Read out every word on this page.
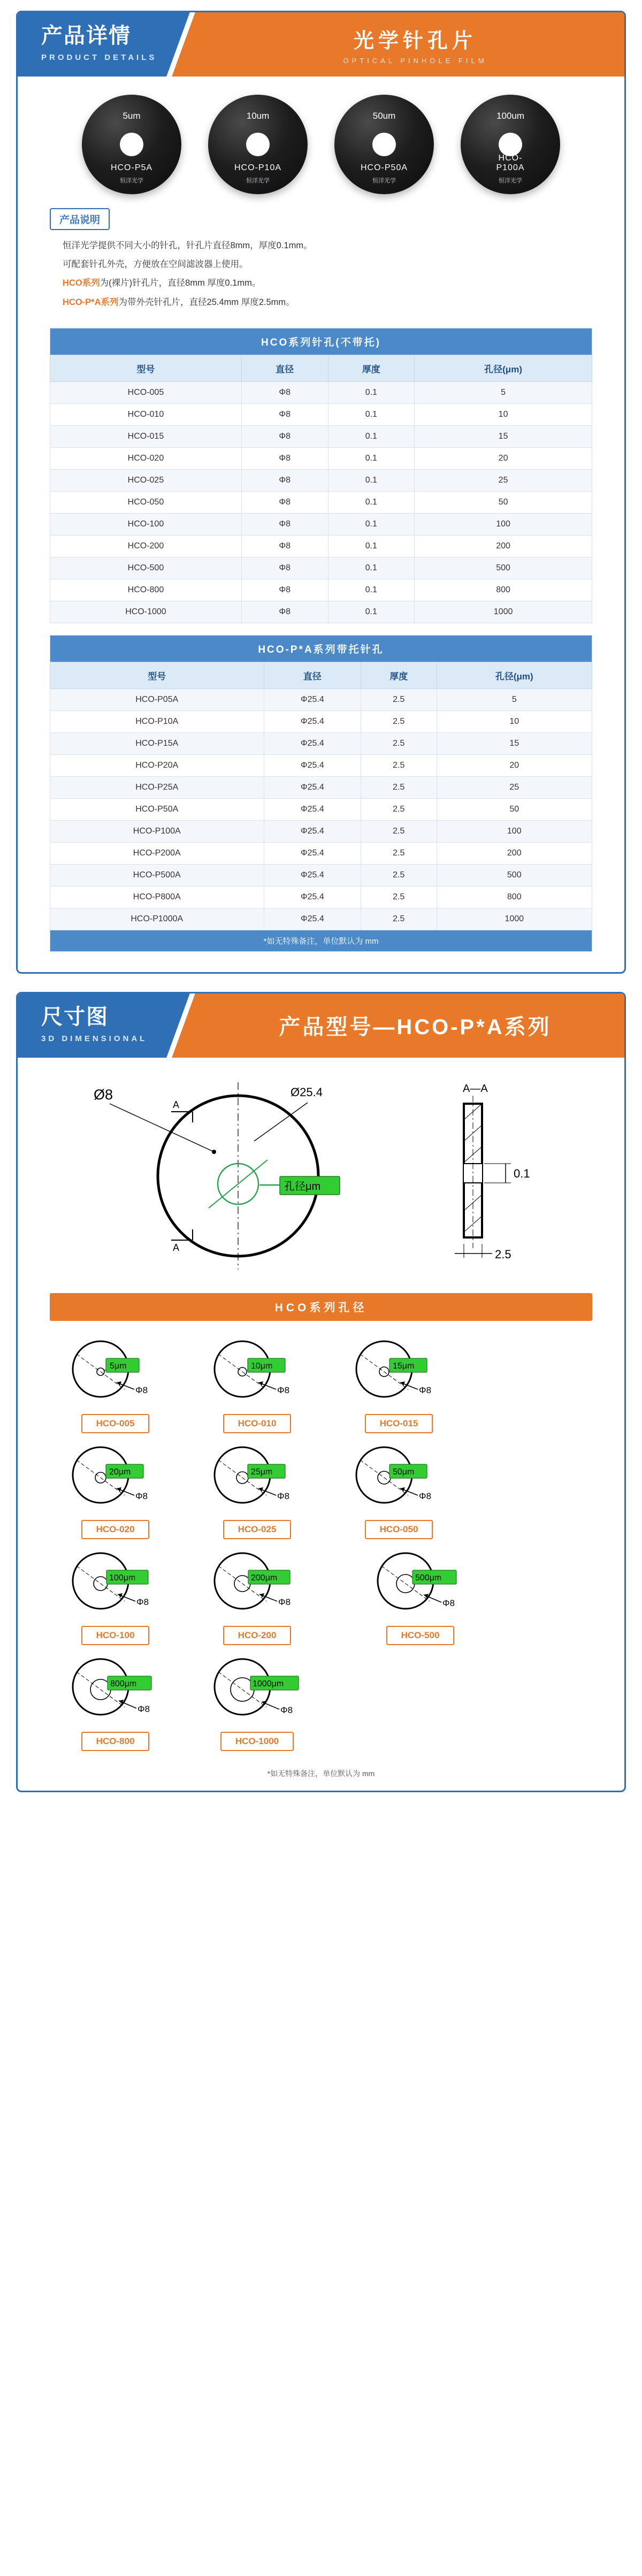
产品详情
PRODUCT DETAILS
光学针孔片
OPTICAL PINHOLE FILM
5um
HCO-P5A
恒洋光学
10um
HCO-P10A
恒洋光学
50um
HCO-P50A
恒洋光学
100um
HCO-P100A
恒洋光学
产品说明

恒洋光学提供不同大小的针孔，针孔片直径8mm，厚度0.1mm。

可配套针孔外壳，方便放在空间滤波器上使用。

HCO系列为(裸片)针孔片，直径8mm 厚度0.1mm。

HCO-P*A系列为带外壳针孔片，直径25.4mm 厚度2.5mm。

HCO系列针孔(不带托)
型号	直径	厚度	孔径(μm)
HCO-005	Φ8	0.1	5
HCO-010	Φ8	0.1	10
HCO-015	Φ8	0.1	15
HCO-020	Φ8	0.1	20
HCO-025	Φ8	0.1	25
HCO-050	Φ8	0.1	50
HCO-100	Φ8	0.1	100
HCO-200	Φ8	0.1	200
HCO-500	Φ8	0.1	500
HCO-800	Φ8	0.1	800
HCO-1000	Φ8	0.1	1000
HCO-P*A系列带托针孔
型号	直径	厚度	孔径(μm)
HCO-P05A	Φ25.4	2.5	5
HCO-P10A	Φ25.4	2.5	10
HCO-P15A	Φ25.4	2.5	15
HCO-P20A	Φ25.4	2.5	20
HCO-P25A	Φ25.4	2.5	25
HCO-P50A	Φ25.4	2.5	50
HCO-P100A	Φ25.4	2.5	100
HCO-P200A	Φ25.4	2.5	200
HCO-P500A	Φ25.4	2.5	500
HCO-P800A	Φ25.4	2.5	800
HCO-P1000A	Φ25.4	2.5	1000
*如无特殊备注，单位默认为 mm
尺寸图
3D DIMENSIONAL	产品型号—HCO-P*A系列
Ø8	Ø25.4
A
A
孔径μm
A—A
0.1
2.5
HCO系列孔径
5μm
Φ8
HCO-005
10μm
Φ8
HCO-010
15μm
Φ8
HCO-015
20μm
Φ8
HCO-020
25μm
Φ8
HCO-025
50μm
Φ8
HCO-050
100μm
Φ8
HCO-100
200μm
Φ8
HCO-200
500μm
Φ8
HCO-500
800μm
Φ8
HCO-800
1000μm
Φ8
HCO-1000
*如无特殊备注，单位默认为 mm
